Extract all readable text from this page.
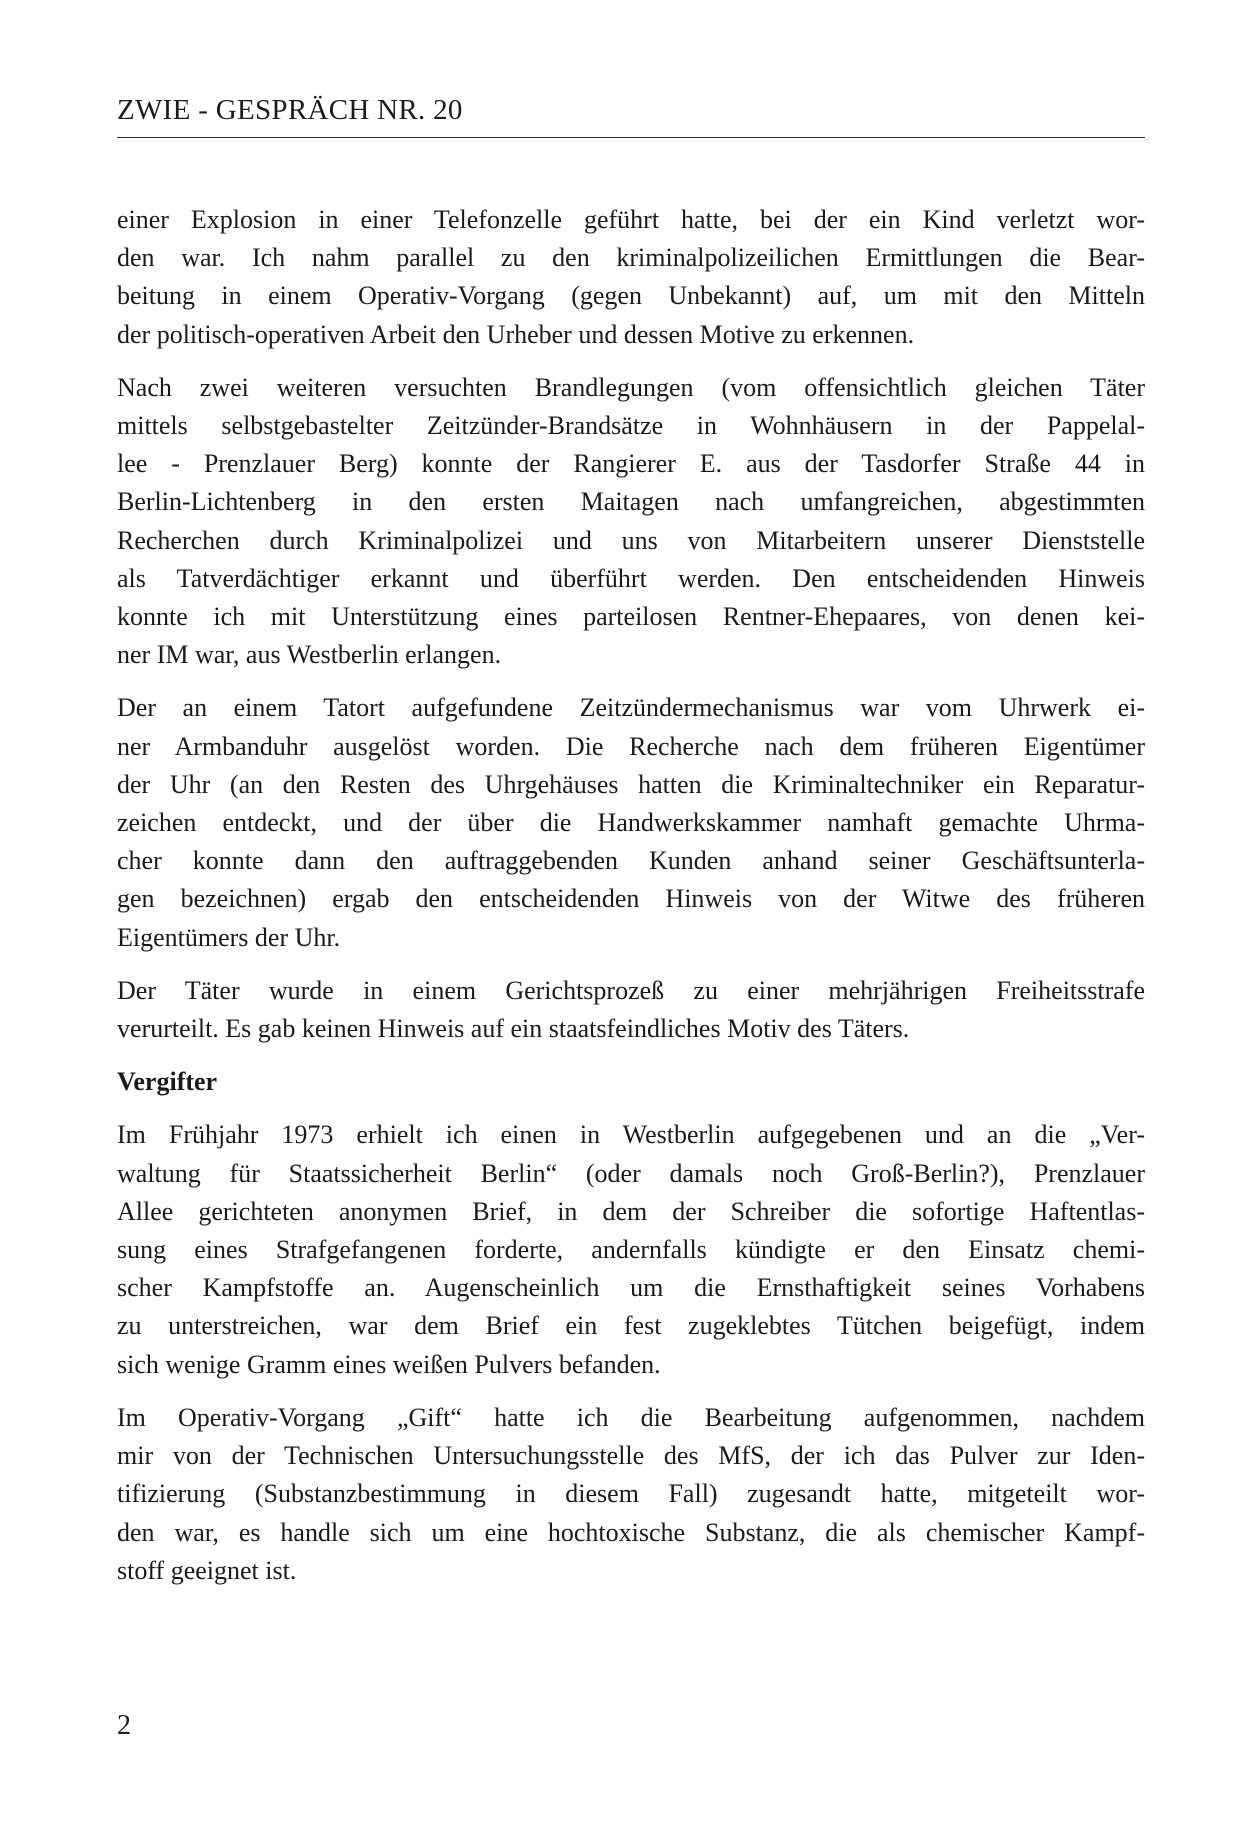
ZWIE - GESPRÄCH NR. 20
einer Explosion in einer Telefonzelle geführt hatte, bei der ein Kind verletzt wor-
den war. Ich nahm parallel zu den kriminalpolizeilichen Ermittlungen die Bear-
beitung in einem Operativ-Vorgang (gegen Unbekannt) auf, um mit den Mitteln
der politisch-operativen Arbeit den Urheber und dessen Motive zu erkennen.
Nach zwei weiteren versuchten Brandlegungen (vom offensichtlich gleichen Täter
mittels selbstgebastelter Zeitzünder-Brandsätze in Wohnhäusern in der Pappelal-
lee - Prenzlauer Berg) konnte der Rangierer E. aus der Tasdorfer Straße 44 in
Berlin-Lichtenberg in den ersten Maitagen nach umfangreichen, abgestimmten
Recherchen durch Kriminalpolizei und uns von Mitarbeitern unserer Dienststelle
als Tatverdächtiger erkannt und überführt werden. Den entscheidenden Hinweis
konnte ich mit Unterstützung eines parteilosen Rentner-Ehepaares, von denen kei-
ner IM war, aus Westberlin erlangen.
Der an einem Tatort aufgefundene Zeitzündermechanismus war vom Uhrwerk ei-
ner Armbanduhr ausgelöst worden. Die Recherche nach dem früheren Eigentümer
der Uhr (an den Resten des Uhrgehäuses hatten die Kriminaltechniker ein Reparatur-
zeichen entdeckt, und der über die Handwerkskammer namhaft gemachte Uhrma-
cher konnte dann den auftraggebenden Kunden anhand seiner Geschäftsunterla-
gen bezeichnen) ergab den entscheidenden Hinweis von der Witwe des früheren
Eigentümers der Uhr.
Der Täter wurde in einem Gerichtsprozeß zu einer mehrjährigen Freiheitsstrafe
verurteilt. Es gab keinen Hinweis auf ein staatsfeindliches Motiv des Täters.
Vergifter
Im Frühjahr 1973 erhielt ich einen in Westberlin aufgegebenen und an die „Ver-
waltung für Staatssicherheit Berlin“ (oder damals noch Groß-Berlin?), Prenzlauer
Allee gerichteten anonymen Brief, in dem der Schreiber die sofortige Haftentlas-
sung eines Strafgefangenen forderte, andernfalls kündigte er den Einsatz chemi-
scher Kampfstoffe an. Augenscheinlich um die Ernsthaftigkeit seines Vorhabens
zu unterstreichen, war dem Brief ein fest zugeklebtes Tütchen beigefügt, indem
sich wenige Gramm eines weißen Pulvers befanden.
Im Operativ-Vorgang „Gift“ hatte ich die Bearbeitung aufgenommen, nachdem
mir von der Technischen Untersuchungsstelle des MfS, der ich das Pulver zur Iden-
tifizierung (Substanzbestimmung in diesem Fall) zugesandt hatte, mitgeteilt wor-
den war, es handle sich um eine hochtoxische Substanz, die als chemischer Kampf-
stoff geeignet ist.
2
